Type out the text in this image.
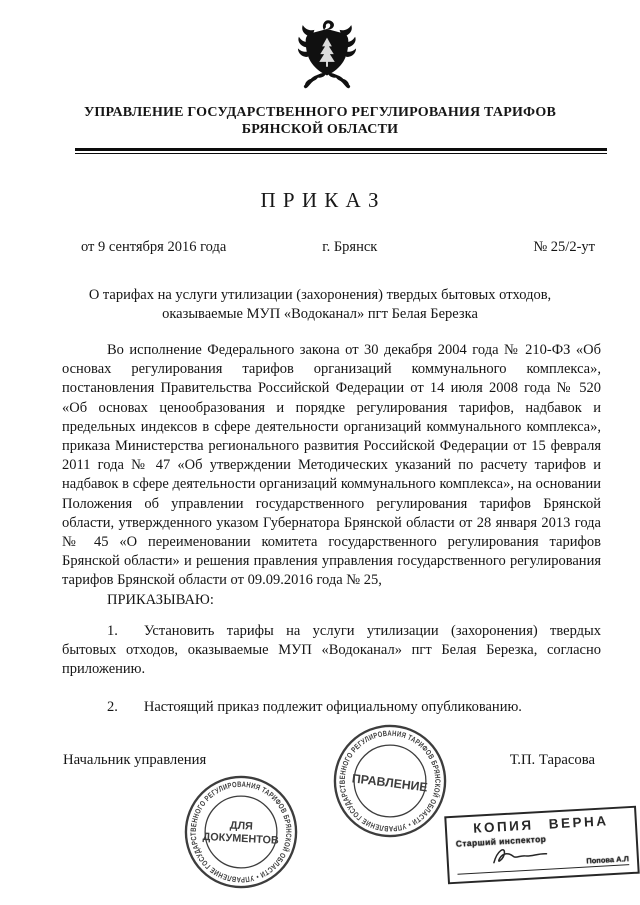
УПРАВЛЕНИЕ ГОСУДАРСТВЕННОГО РЕГУЛИРОВАНИЯ ТАРИФОВ
БРЯНСКОЙ ОБЛАСТИ
П Р И К А З
от 9 сентября 2016 года	г. Брянск	№ 25/2-ут
О тарифах на услуги утилизации (захоронения) твердых бытовых отходов,
оказываемые МУП «Водоканал» пгт Белая Березка

Во исполнение Федерального закона от 30 декабря 2004 года № 210-ФЗ «Об основах регулирования тарифов организаций коммунального комплекса», постановления Правительства Российской Федерации от 14 июля 2008 года № 520 «Об основах ценообразования и порядке регулирования тарифов, надбавок и предельных индексов в сфере деятельности организаций коммунального комплекса», приказа Министерства регионального развития Российской Федерации от 15 февраля 2011 года № 47 «Об утверждении Методических указаний по расчету тарифов и надбавок в сфере деятельности организаций коммунального комплекса», на основании Положения об управлении государственного регулирования тарифов Брянской области, утвержденного указом Губернатора Брянской области от 28 января 2013 года № 45 «О переименовании комитета государственного регулирования тарифов Брянской области» и решения правления управления государственного регулирования тарифов Брянской области от 09.09.2016 года № 25,

ПРИКАЗЫВАЮ:

1. Установить тарифы на услуги утилизации (захоронения) твердых бытовых отходов, оказываемые МУП «Водоканал» пгт Белая Березка, согласно приложению.

2. Настоящий приказ подлежит официальному опубликованию.

Начальник управления	Т.П. Тарасова
УПРАВЛЕНИЕ ГОСУДАРСТВЕННОГО РЕГУЛИРОВАНИЯ ТАРИФОВ БРЯНСКОЙ ОБЛАСТИ •
ДЛЯ
ДОКУМЕНТОВ
УПРАВЛЕНИЕ ГОСУДАРСТВЕННОГО РЕГУЛИРОВАНИЯ ТАРИФОВ БРЯНСКОЙ ОБЛАСТИ •
ПРАВЛЕНИЕ
КОПИЯ ВЕРНА
Старший инспектор
Попова А.Л
